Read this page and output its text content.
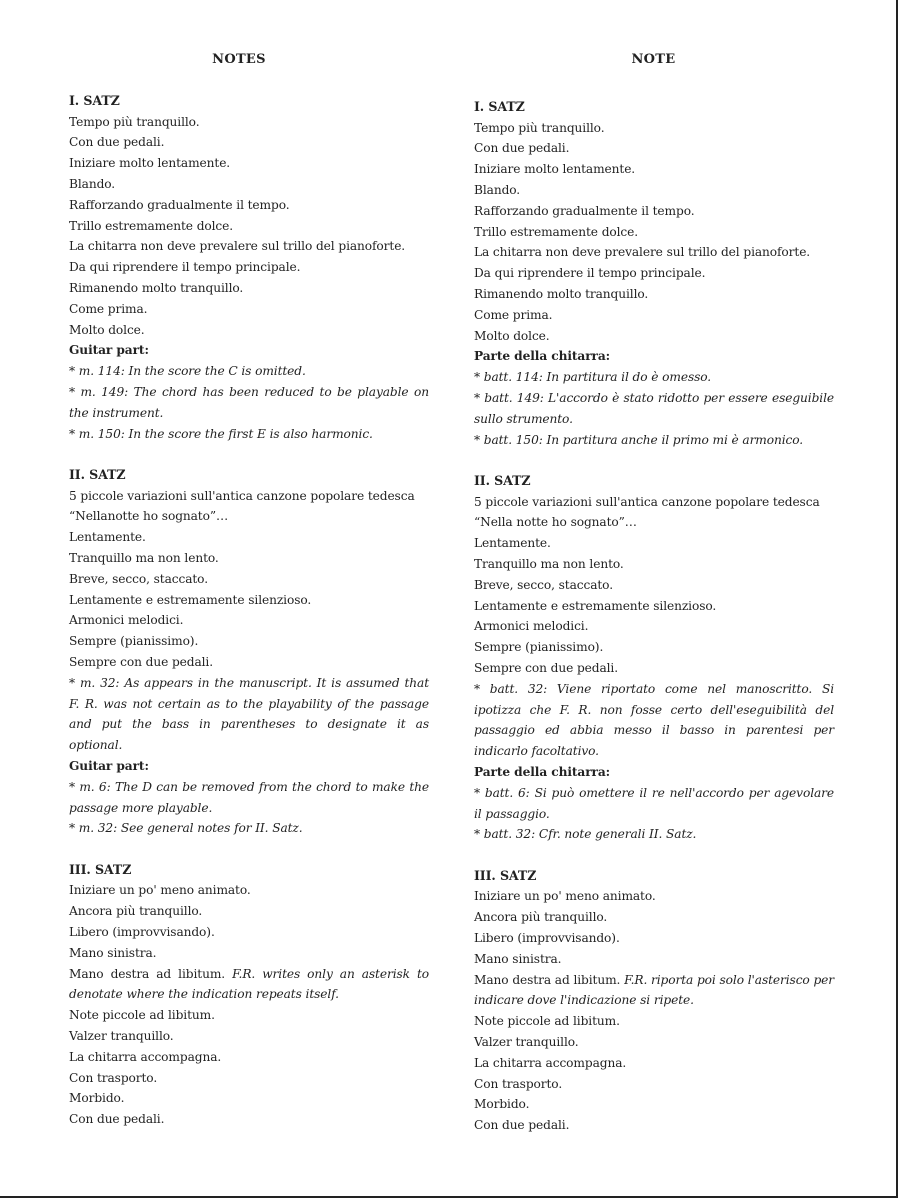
NOTES
I. SATZ
Tempo più tranquillo.
Con due pedali.
Iniziare molto lentamente.
Blando.
Rafforzando gradualmente il tempo.
Trillo estremamente dolce.
La chitarra non deve prevalere sul trillo del pianoforte.
Da qui riprendere il tempo principale.
Rimanendo molto tranquillo.
Come prima.
Molto dolce.
Guitar part:
* m. 114: In the score the C is omitted.
* m. 149: The chord has been reduced to be playable on the instrument.
* m. 150: In the score the first E is also harmonic.
II. SATZ
5 piccole variazioni sull'antica canzone popolare tedesca “Nellanotte ho sognato”…
Lentamente.
Tranquillo ma non lento.
Breve, secco, staccato.
Lentamente e estremamente silenzioso.
Armonici melodici.
Sempre (pianissimo).
Sempre con due pedali.
* m. 32: As appears in the manuscript. It is assumed that F. R. was not certain as to the playability of the passage and put the bass in parentheses to designate it as optional.
Guitar part:
* m. 6: The D can be removed from the chord to make the passage more playable.
* m. 32: See general notes for II. Satz.
III. SATZ
Iniziare un po' meno animato.
Ancora più tranquillo.
Libero (improvvisando).
Mano sinistra.
Mano destra ad libitum. F.R. writes only an asterisk to denotate where the indication repeats itself.
Note piccole ad libitum.
Valzer tranquillo.
La chitarra accompagna.
Con trasporto.
Morbido.
Con due pedali.
NOTE
I. SATZ
Tempo più tranquillo.
Con due pedali.
Iniziare molto lentamente.
Blando.
Rafforzando gradualmente il tempo.
Trillo estremamente dolce.
La chitarra non deve prevalere sul trillo del pianoforte.
Da qui riprendere il tempo principale.
Rimanendo molto tranquillo.
Come prima.
Molto dolce.
Parte della chitarra:
* batt. 114: In partitura il do è omesso.
* batt. 149: L'accordo è stato ridotto per essere eseguibile sullo strumento.
* batt. 150: In partitura anche il primo mi è armonico.
II. SATZ
5 piccole variazioni sull'antica canzone popolare tedesca “Nella notte ho sognato”…
Lentamente.
Tranquillo ma non lento.
Breve, secco, staccato.
Lentamente e estremamente silenzioso.
Armonici melodici.
Sempre (pianissimo).
Sempre con due pedali.
* batt. 32: Viene riportato come nel manoscritto. Si ipotizza che F. R. non fosse certo dell'eseguibilità del passaggio ed abbia messo il basso in parentesi per indicarlo facoltativo.
Parte della chitarra:
* batt. 6: Si può omettere il re nell'accordo per agevolare il passaggio.
* batt. 32: Cfr. note generali II. Satz.
III. SATZ
Iniziare un po' meno animato.
Ancora più tranquillo.
Libero (improvvisando).
Mano sinistra.
Mano destra ad libitum. F.R. riporta poi solo l'asterisco per indicare dove l'indicazione si ripete.
Note piccole ad libitum.
Valzer tranquillo.
La chitarra accompagna.
Con trasporto.
Morbido.
Con due pedali.
